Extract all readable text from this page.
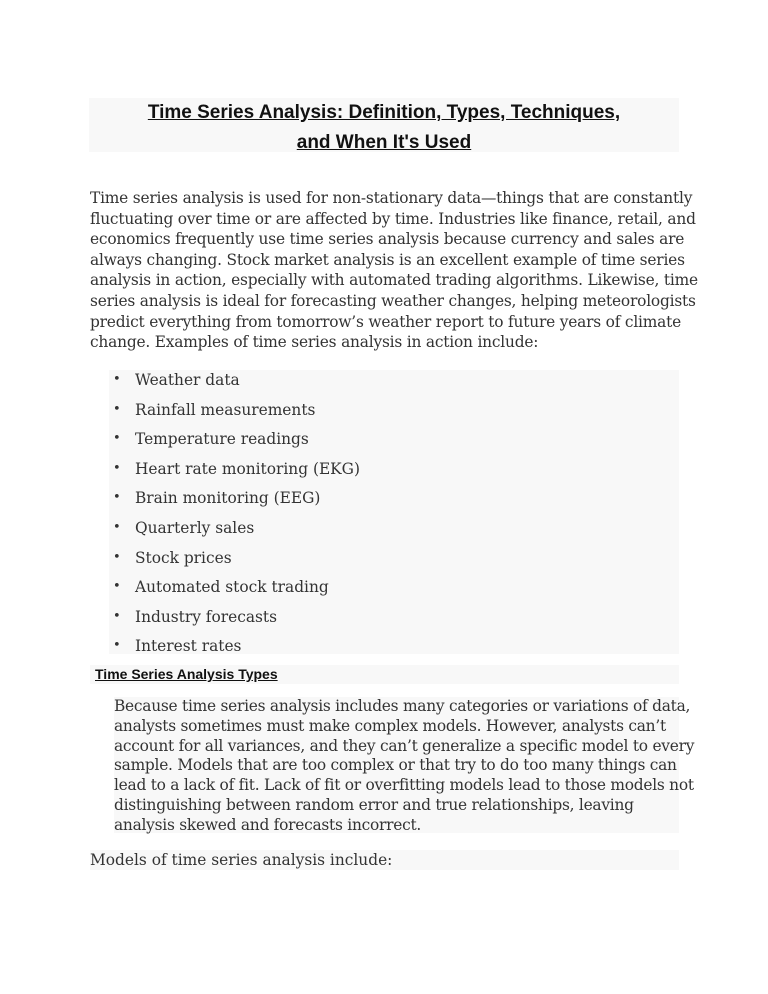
Time Series Analysis: Definition, Types, Techniques,
and When It's Used
Time series analysis is used for non-stationary data—things that are constantly
fluctuating over time or are affected by time. Industries like finance, retail, and
economics frequently use time series analysis because currency and sales are
always changing. Stock market analysis is an excellent example of time series
analysis in action, especially with automated trading algorithms. Likewise, time
series analysis is ideal for forecasting weather changes, helping meteorologists
predict everything from tomorrow’s weather report to future years of climate
change. Examples of time series analysis in action include:
• Weather data
• Rainfall measurements
• Temperature readings
• Heart rate monitoring (EKG)
• Brain monitoring (EEG)
• Quarterly sales
• Stock prices
• Automated stock trading
• Industry forecasts
• Interest rates
Time Series Analysis Types
Because time series analysis includes many categories or variations of data,
analysts sometimes must make complex models. However, analysts can’t
account for all variances, and they can’t generalize a specific model to every
sample. Models that are too complex or that try to do too many things can
lead to a lack of fit. Lack of fit or overfitting models lead to those models not
distinguishing between random error and true relationships, leaving
analysis skewed and forecasts incorrect.
Models of time series analysis include:
